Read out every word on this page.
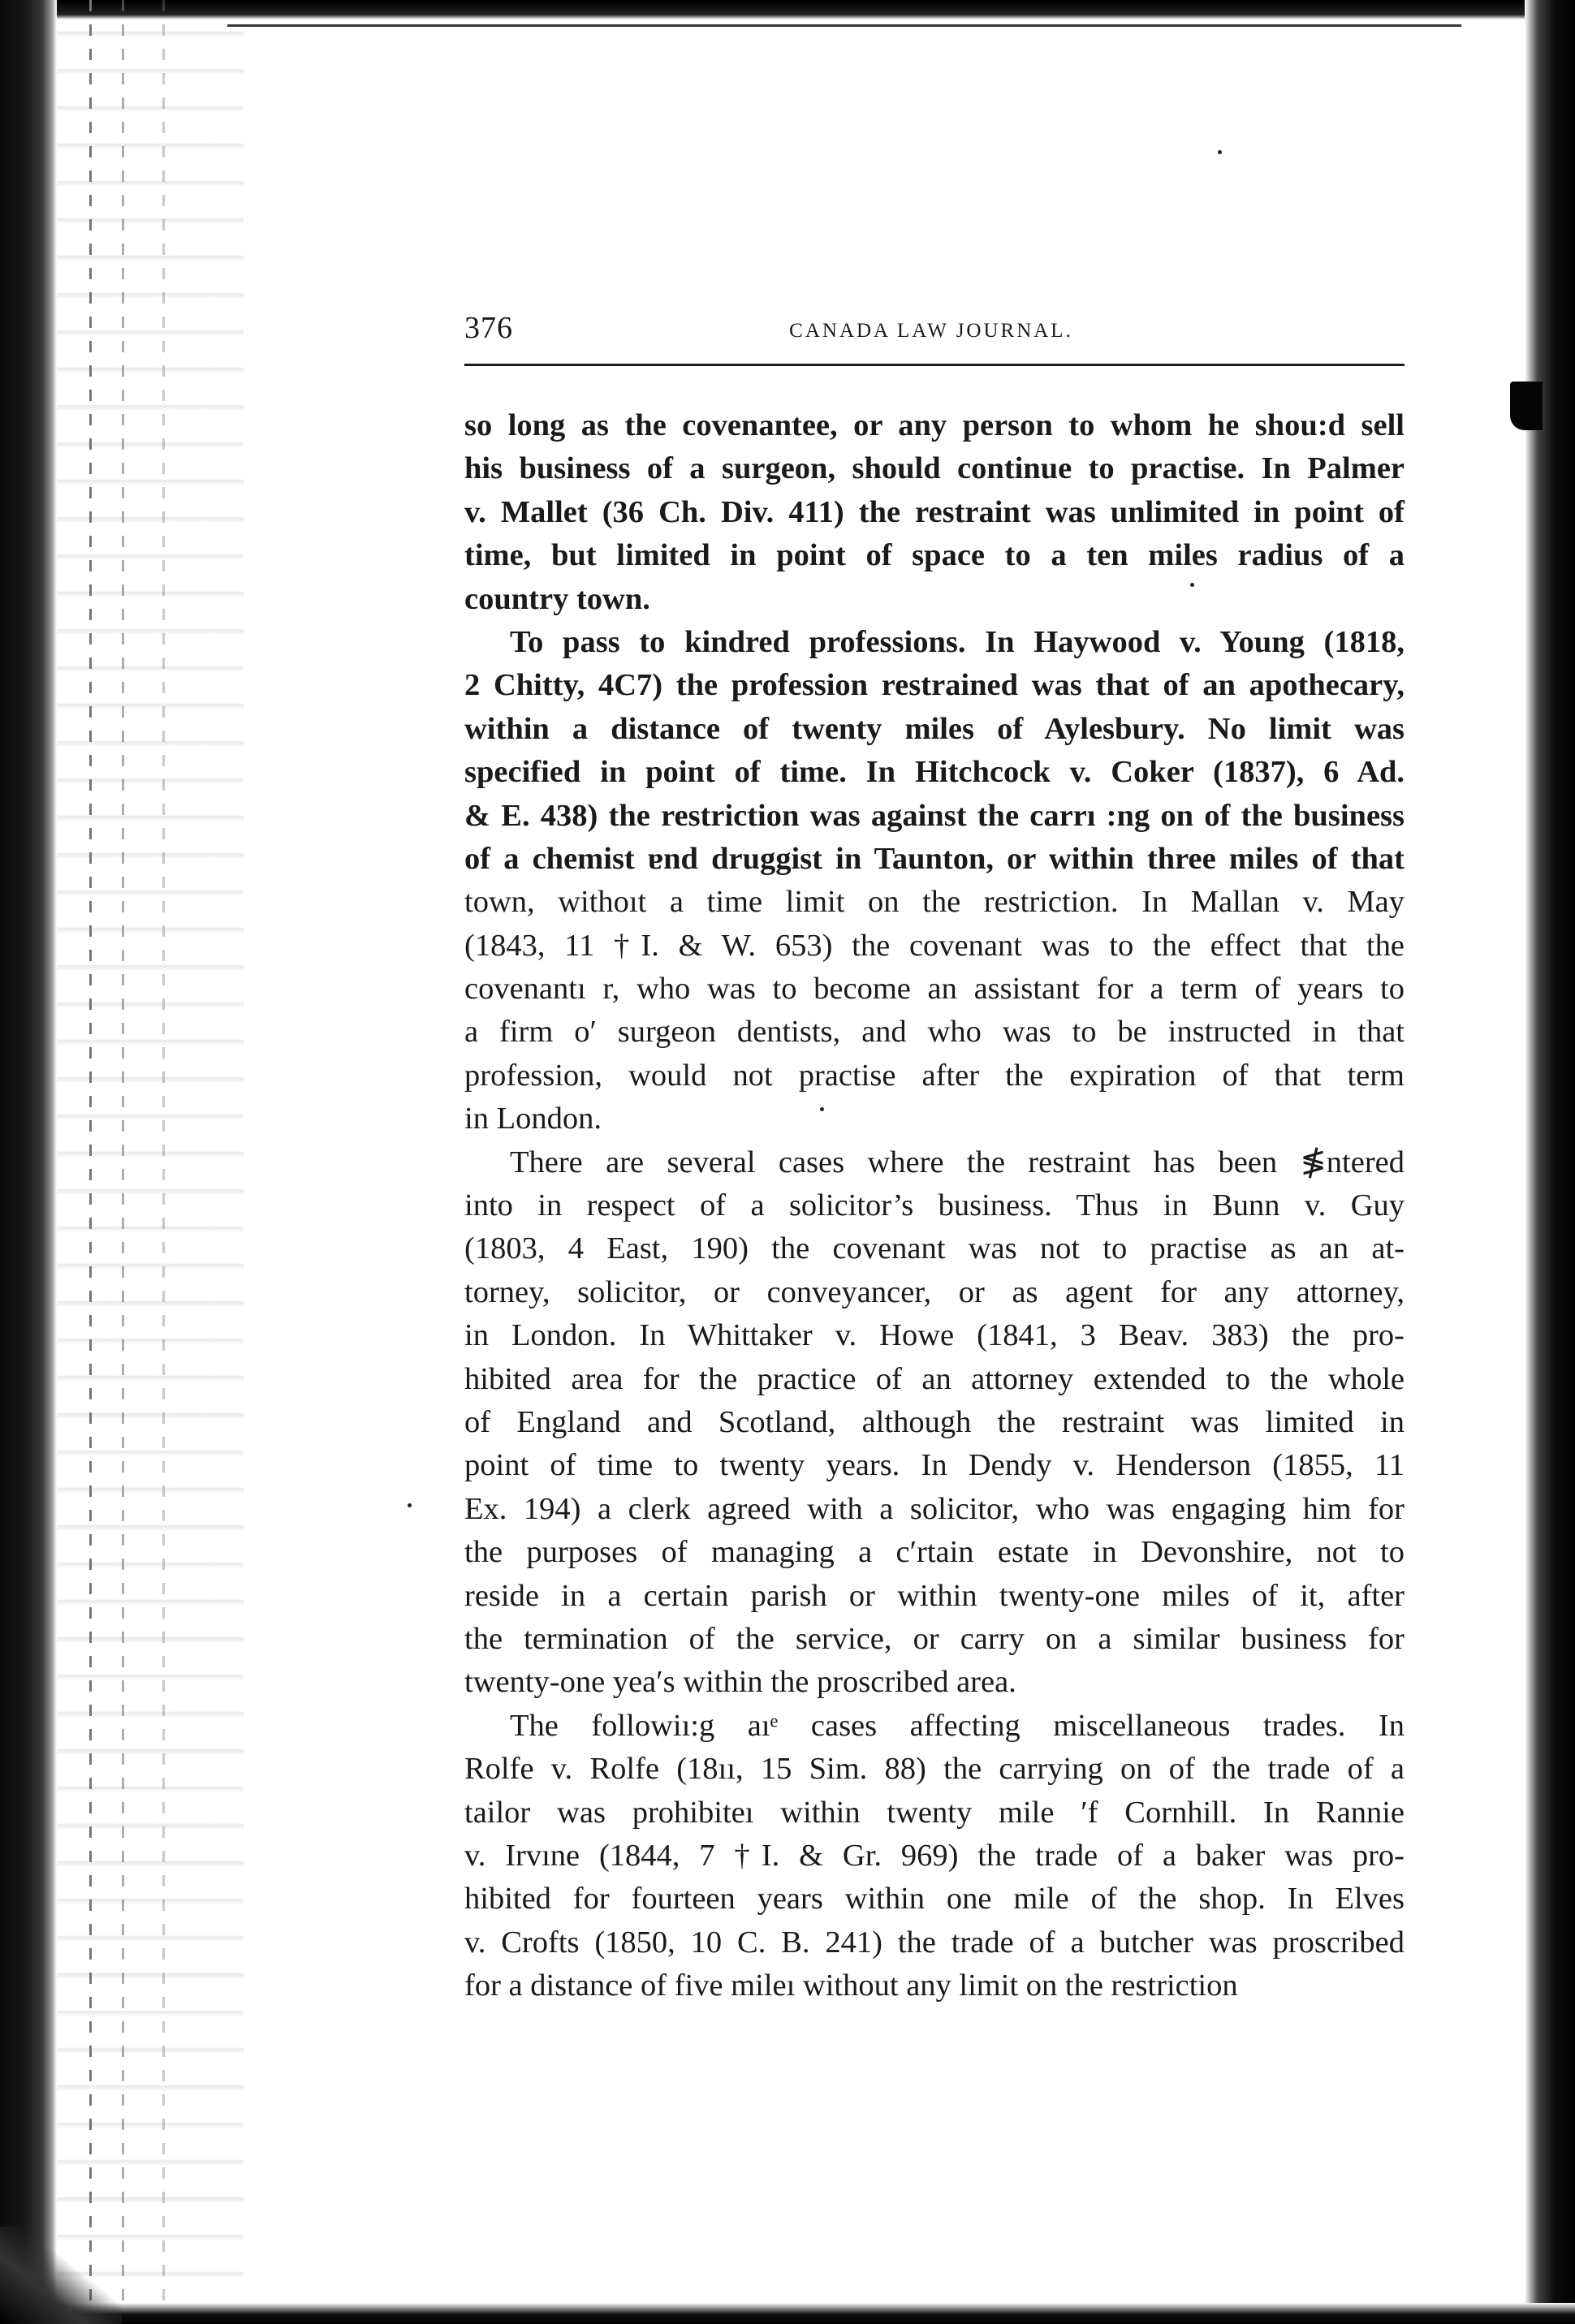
376	CANADA LAW JOURNAL.

so long as the covenantee, or any person to whom he shou:d sell
his business of a surgeon, should continue to practise. In Palmer
v. Mallet (36 Ch. Div. 411) the restraint was unlimited in point of
time, but limited in point of space to a ten miles radius of a
country town.

To pass to kindred professions. In Haywood v. Young (1818,
2 Chitty, 4C7) the profession restrained was that of an apothecary,
within a distance of twenty miles of Aylesbury. No limit was
specified in point of time. In Hitchcock v. Coker (1837), 6 Ad.
& E. 438) the restriction was against the carrı :ng on of the business
of a chemist ɐnd druggist in Taunton, or within three miles of that
town, withoıt a time limit on the restriction. In Mallan v. May
(1843, 11 †I. & W. 653) the covenant was to the effect that the
covenantı r, who was to become an assistant for a term of years to
a firm o′ surgeon dentists, and who was to be instructed in that
profession, would not practise after the expiration of that term
in London.

There are several cases where the restraint has been ≸ntered
into in respect of a solicitor’s business. Thus in Bunn v. Guy
(1803, 4 East, 190) the covenant was not to practise as an at-
torney, solicitor, or conveyancer, or as agent for any attorney,
in London. In Whittaker v. Howe (1841, 3 Beav. 383) the pro-
hibited area for the practice of an attorney extended to the whole
of England and Scotland, although the restraint was limited in
point of time to twenty years. In Dendy v. Henderson (1855, 11
Ex. 194) a clerk agreed with a solicitor, who was engaging him for
the purposes of managing a c′rtain estate in Devonshire, not to
reside in a certain parish or within twenty-one miles of it, after
the termination of the service, or carry on a similar business for
twenty-one yea′s within the proscribed area.

The followiı:g aıᵉ cases affecting miscellaneous trades. In
Rolfe v. Rolfe (18ıı, 15 Sim. 88) the carrying on of the trade of a
tailor was prohibiteı within twenty mile ′f Cornhill. In Rannie
v. Irvıne (1844, 7 †I. & Gr. 969) the trade of a baker was pro-
hibited for fourteen years within one mile of the shop. In Elves
v. Crofts (1850, 10 C. B. 241) the trade of a butcher was proscribed
for a distance of five mileı without any limit on the restriction
